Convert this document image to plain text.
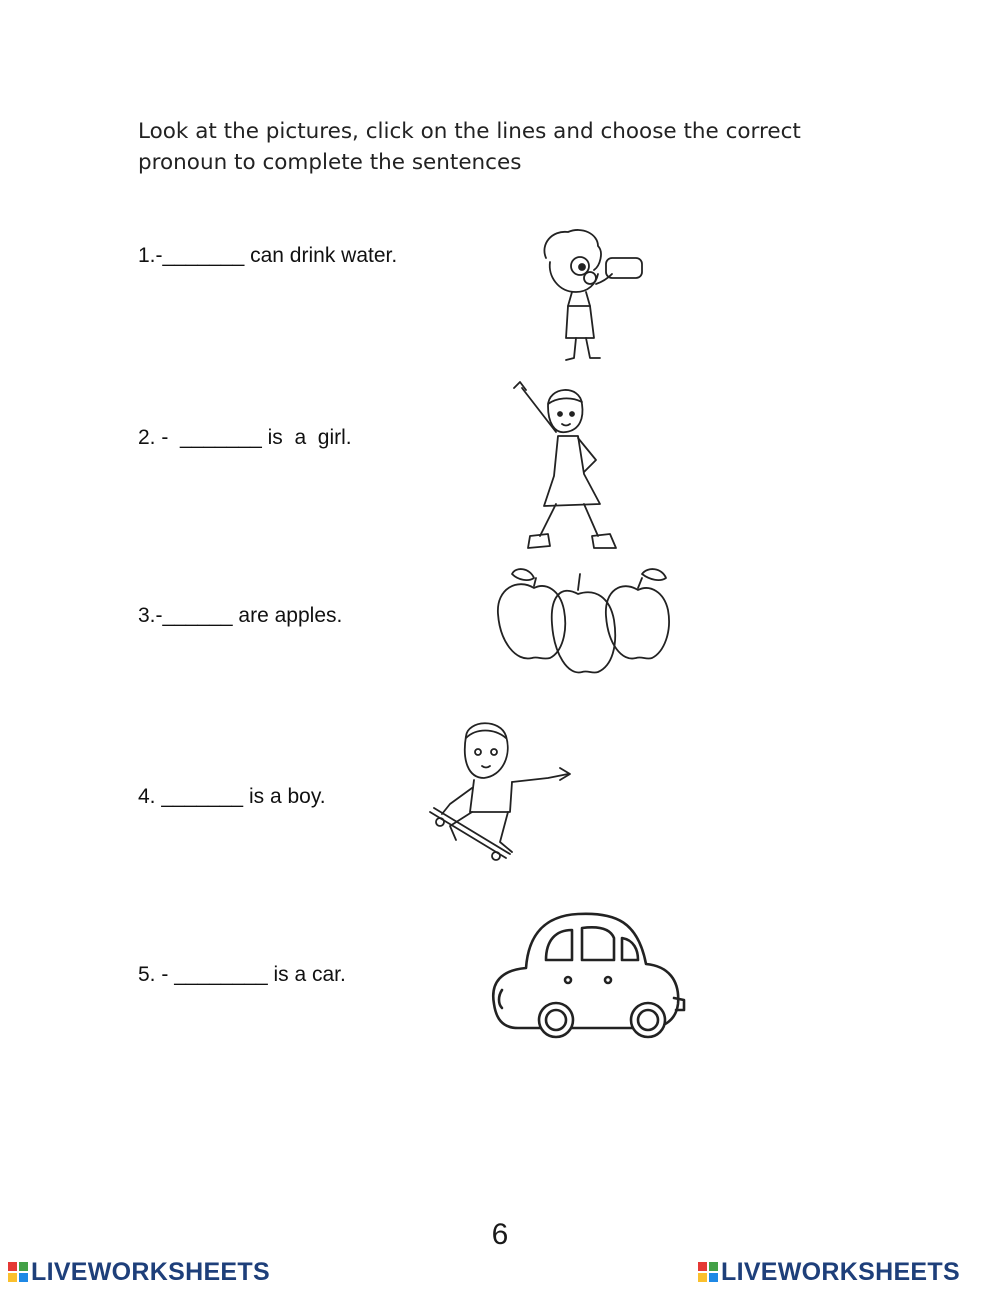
Look at the pictures, click on the lines and choose the correct
pronoun to complete the sentences
1.-_______ can drink water.
2. -  _______ is  a  girl.
3.-______ are apples.
4. _______ is a boy.
5. - ________ is a car.
6
LIVEWORKSHEETS	LIVEWORKSHEETS
